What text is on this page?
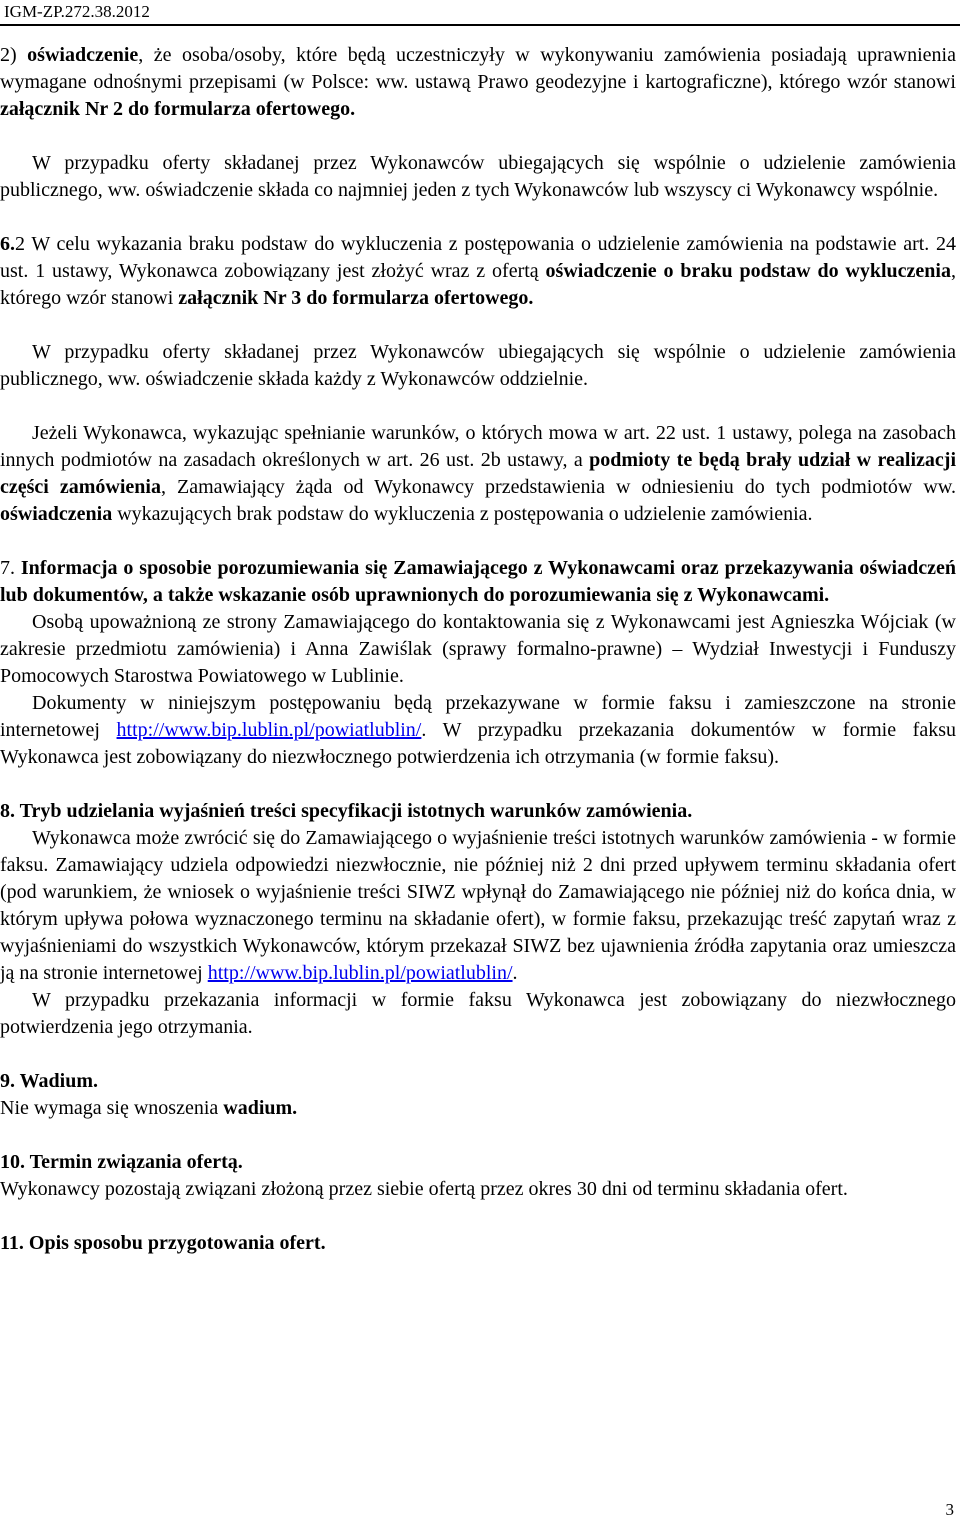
IGM-ZP.272.38.2012

2) oświadczenie, że osoba/osoby, które będą uczestniczyły w wykonywaniu zamówienia posiadają uprawnienia wymagane odnośnymi przepisami (w Polsce: ww. ustawą Prawo geodezyjne i kartograficzne), którego wzór stanowi załącznik Nr 2 do formularza ofertowego.

W przypadku oferty składanej przez Wykonawców ubiegających się wspólnie o udzielenie zamówienia publicznego, ww. oświadczenie składa co najmniej jeden z tych Wykonawców lub wszyscy ci Wykonawcy wspólnie.

6.2 W celu wykazania braku podstaw do wykluczenia z postępowania o udzielenie zamówienia na podstawie art. 24 ust. 1 ustawy, Wykonawca zobowiązany jest złożyć wraz z ofertą oświadczenie o braku podstaw do wykluczenia, którego wzór stanowi załącznik Nr 3 do formularza ofertowego.

W przypadku oferty składanej przez Wykonawców ubiegających się wspólnie o udzielenie zamówienia publicznego, ww. oświadczenie składa każdy z Wykonawców oddzielnie.

Jeżeli Wykonawca, wykazując spełnianie warunków, o których mowa w art. 22 ust. 1 ustawy, polega na zasobach innych podmiotów na zasadach określonych w art. 26 ust. 2b ustawy, a podmioty te będą brały udział w realizacji części zamówienia, Zamawiający żąda od Wykonawcy przedstawienia w odniesieniu do tych podmiotów ww. oświadczenia wykazujących brak podstaw do wykluczenia z postępowania o udzielenie zamówienia.

7. Informacja o sposobie porozumiewania się Zamawiającego z Wykonawcami oraz przekazywania oświadczeń lub dokumentów, a także wskazanie osób uprawnionych do porozumiewania się z Wykonawcami.

Osobą upoważnioną ze strony Zamawiającego do kontaktowania się z Wykonawcami jest Agnieszka Wójciak (w zakresie przedmiotu zamówienia) i Anna Zawiślak (sprawy formalno-prawne) – Wydział Inwestycji i Funduszy Pomocowych Starostwa Powiatowego w Lublinie.

Dokumenty w niniejszym postępowaniu będą przekazywane w formie faksu i zamieszczone na stronie internetowej http://www.bip.lublin.pl/powiatlublin/. W przypadku przekazania dokumentów w formie faksu Wykonawca jest zobowiązany do niezwłocznego potwierdzenia ich otrzymania (w formie faksu).

8. Tryb udzielania wyjaśnień treści specyfikacji istotnych warunków zamówienia.

Wykonawca może zwrócić się do Zamawiającego o wyjaśnienie treści istotnych warunków zamówienia - w formie faksu. Zamawiający udziela odpowiedzi niezwłocznie, nie później niż 2 dni przed upływem terminu składania ofert (pod warunkiem, że wniosek o wyjaśnienie treści SIWZ wpłynął do Zamawiającego nie później niż do końca dnia, w którym upływa połowa wyznaczonego terminu na składanie ofert), w formie faksu, przekazując treść zapytań wraz z wyjaśnieniami do wszystkich Wykonawców, którym przekazał SIWZ bez ujawnienia źródła zapytania oraz umieszcza ją na stronie internetowej http://www.bip.lublin.pl/powiatlublin/.

W przypadku przekazania informacji w formie faksu Wykonawca jest zobowiązany do niezwłocznego potwierdzenia jego otrzymania.

9. Wadium.

Nie wymaga się wnoszenia wadium.

10. Termin związania ofertą.

Wykonawcy pozostają związani złożoną przez siebie ofertą przez okres 30 dni od terminu składania ofert.

11. Opis sposobu przygotowania ofert.

3
